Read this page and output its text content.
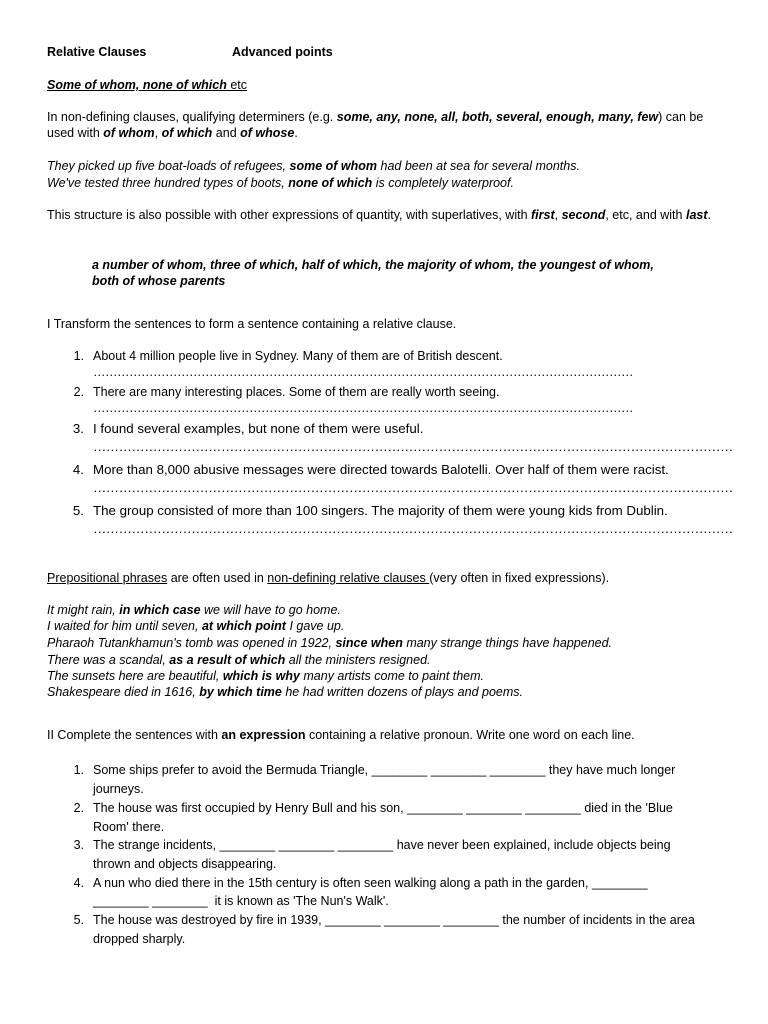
Relative Clauses	Advanced points
Some of whom, none of which etc
In non-defining clauses, qualifying determiners (e.g. some, any, none, all, both, several, enough, many, few) can be used with of whom, of which and of whose.
They picked up five boat-loads of refugees, some of whom had been at sea for several months.
We've tested three hundred types of boots, none of which is completely waterproof.
This structure is also possible with other expressions of quantity, with superlatives, with first, second, etc, and with last.
a number of whom, three of which, half of which, the majority of whom, the youngest of whom,
both of whose parents
I Transform the sentences to form a sentence containing a relative clause.
1. About 4 million people live in Sydney. Many of them are of British descent.
………………………………………………………………………………………………………………………
2. There are many interesting places. Some of them are really worth seeing.
………………………………………………………………………………………………………………………
3. I found several examples, but none of them were useful.
……………………………………………………………………………………………………………………………………
4. More than 8,000 abusive messages were directed towards Balotelli. Over half of them were racist.
……………………………………………………………………………………………………………………………………
5. The group consisted of more than 100 singers. The majority of them were young kids from Dublin.
……………………………………………………………………………………………………………………………………
Prepositional phrases are often used in non-defining relative clauses (very often in fixed expressions).
It might rain, in which case we will have to go home.
I waited for him until seven, at which point I gave up.
Pharaoh Tutankhamun's tomb was opened in 1922, since when many strange things have happened.
There was a scandal, as a result of which all the ministers resigned.
The sunsets here are beautiful, which is why many artists come to paint them.
Shakespeare died in 1616, by which time he had written dozens of plays and poems.
II Complete the sentences with an expression containing a relative pronoun. Write one word on each line.
1. Some ships prefer to avoid the Bermuda Triangle, ________ ________ ________ they have much longer
journeys.
2. The house was first occupied by Henry Bull and his son, ________ ________ ________ died in the 'Blue
Room' there.
3. The strange incidents, ________ ________ ________ have never been explained, include objects being
thrown and objects disappearing.
4. A nun who died there in the 15th century is often seen walking along a path in the garden, ________
________ ________  it is known as 'The Nun's Walk'.
5. The house was destroyed by fire in 1939, ________ ________ ________ the number of incidents in the area
dropped sharply.
